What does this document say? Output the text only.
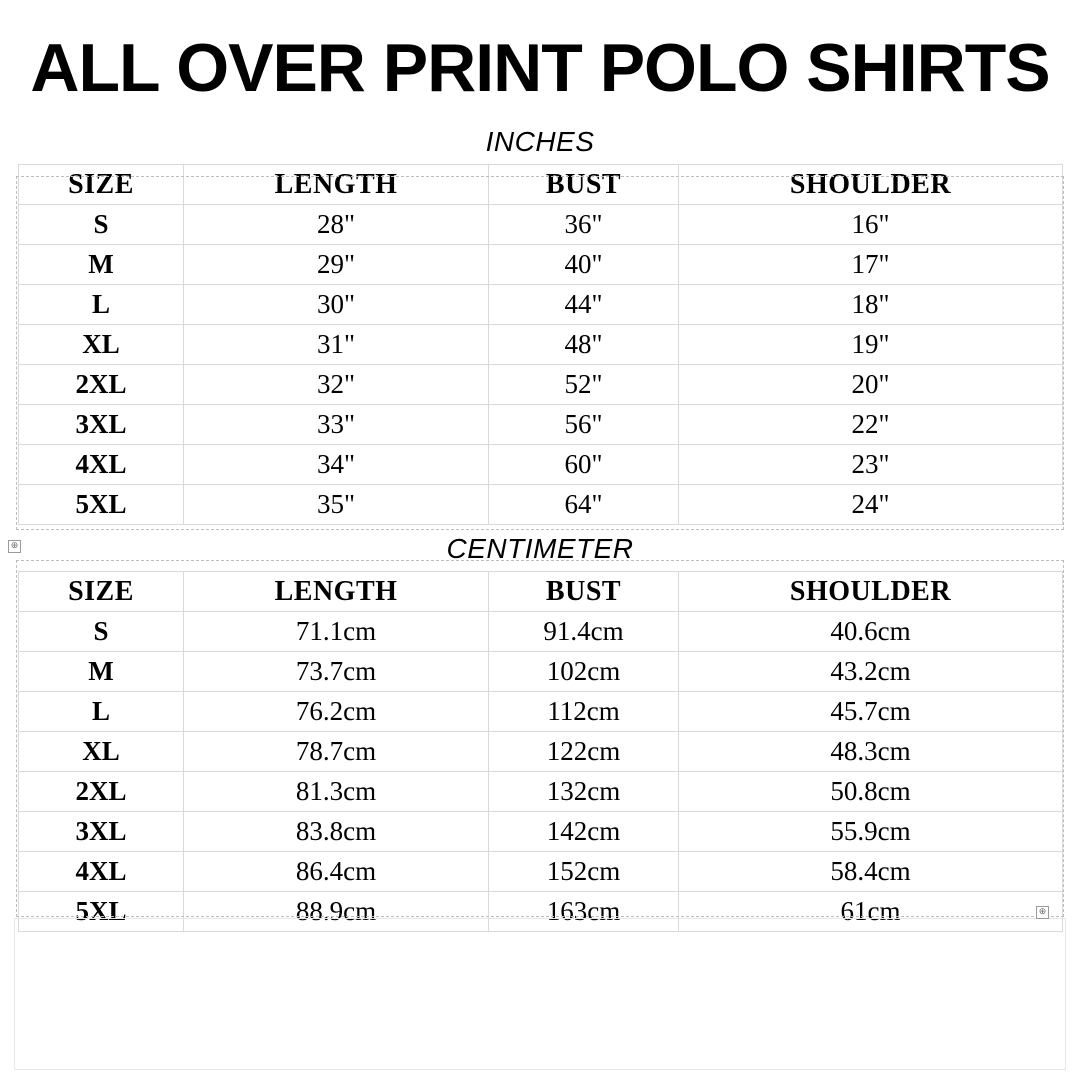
ALL OVER PRINT POLO SHIRTS
INCHES
SIZE	LENGTH	BUST	SHOULDER
S	28"	36"	16"
M	29"	40"	17"
L	30"	44"	18"
XL	31"	48"	19"
2XL	32"	52"	20"
3XL	33"	56"	22"
4XL	34"	60"	23"
5XL	35"	64"	24"
CENTIMETER
SIZE	LENGTH	BUST	SHOULDER
S	71.1cm	91.4cm	40.6cm
M	73.7cm	102cm	43.2cm
L	76.2cm	112cm	45.7cm
XL	78.7cm	122cm	48.3cm
2XL	81.3cm	132cm	50.8cm
3XL	83.8cm	142cm	55.9cm
4XL	86.4cm	152cm	58.4cm
5XL	88.9cm	163cm	61cm
⊕
⊕
